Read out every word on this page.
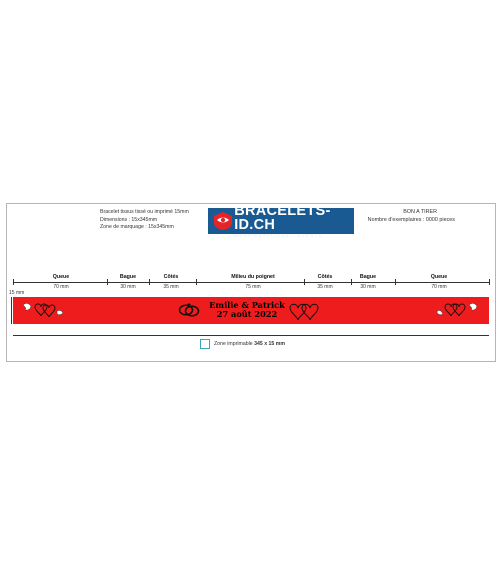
Bracelet tissus tissé ou imprimé 15mm
Dimensions : 15x345mm
Zone de marquage : 15x345mm
BRACELETS-ID.CH
MANIFESTATIONS - EVENTS
BON A TIRER
Nombre d'exemplaires : 0000 pieces
Queue	Bague	Côtés	Milieu du poignet	Côtés	Bague	Queue
70 mm	30 mm	35 mm	75 mm	35 mm	30 mm	70 mm
15 mm
Emilie & Patrick
27 août 2022
Zone imprimable
345 x 15 mm
